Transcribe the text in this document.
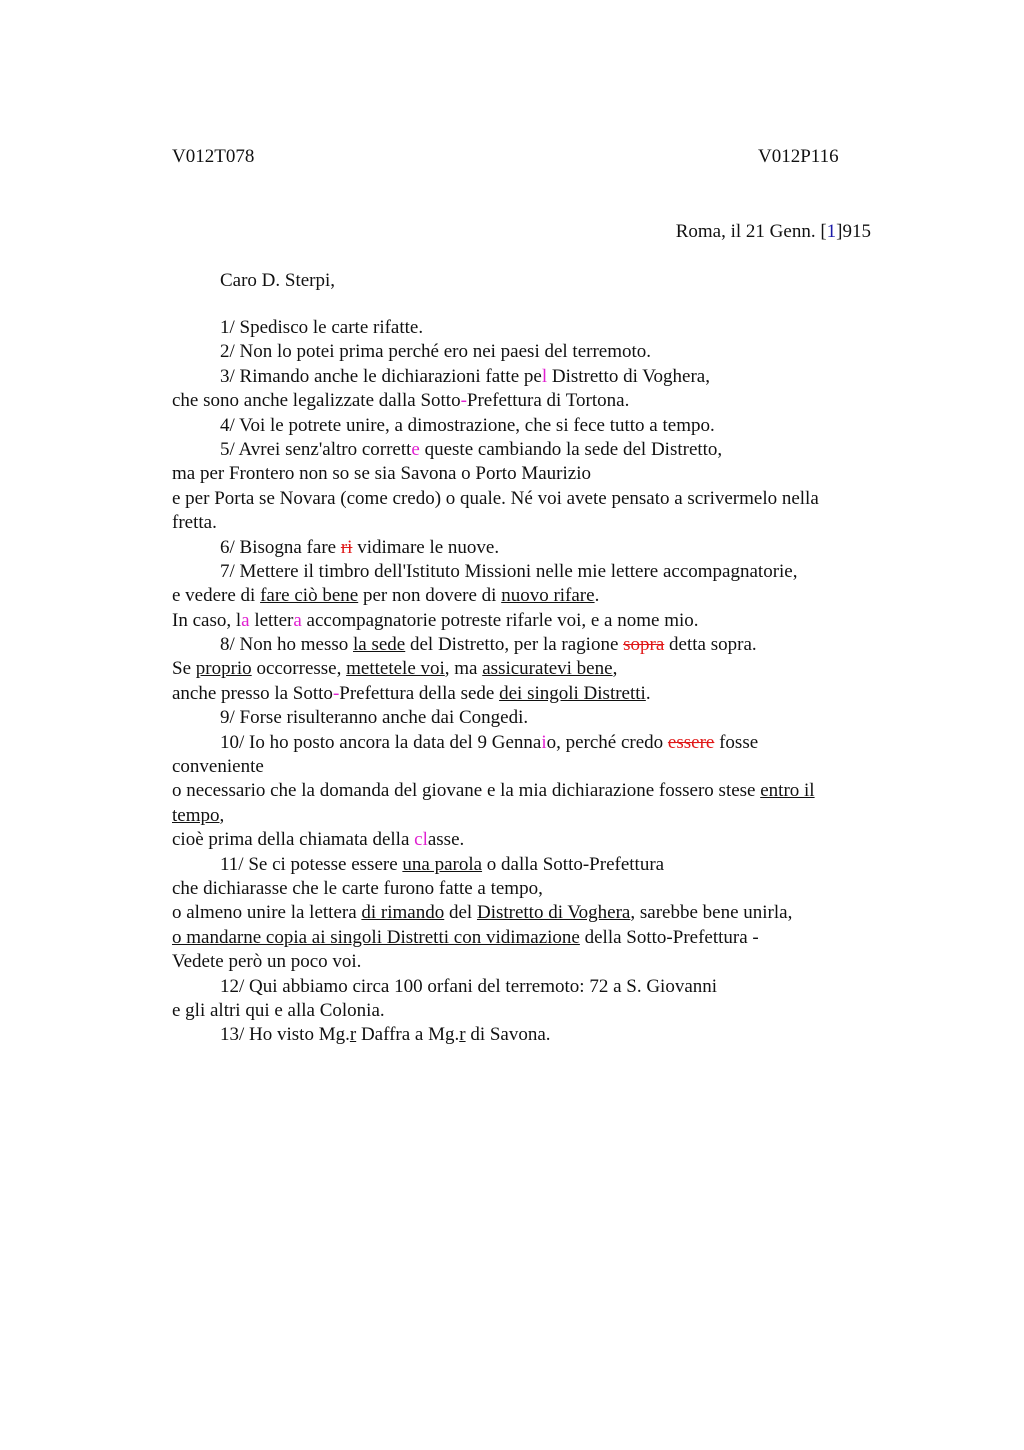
V012T078	V012P116
Roma, il 21 Genn. [1]915
Caro D. Sterpi,
1/ Spedisco le carte rifatte.
2/ Non lo potei prima perché ero nei paesi del terremoto.
3/ Rimando anche le dichiarazioni fatte pel Distretto di Voghera,
che sono anche legalizzate dalla Sotto-Prefettura di Tortona.
4/ Voi le potrete unire, a dimostrazione, che si fece tutto a tempo.
5/ Avrei senz'altro corrette queste cambiando la sede del Distretto,
ma per Frontero non so se sia Savona o Porto Maurizio
e per Porta se Novara (come credo) o quale. Né voi avete pensato a scrivermelo nella
fretta.
6/ Bisogna fare ri vidimare le nuove.
7/ Mettere il timbro dell'Istituto Missioni nelle mie lettere accompagnatorie,
e vedere di fare ciò bene per non dovere di nuovo rifare.
In caso, la lettera accompagnatorie potreste rifarle voi, e a nome mio.
8/ Non ho messo la sede del Distretto, per la ragione sopra detta sopra.
Se proprio occorresse, mettetele voi, ma assicuratevi bene,
anche presso la Sotto-Prefettura della sede dei singoli Distretti.
9/ Forse risulteranno anche dai Congedi.
10/ Io ho posto ancora la data del 9 Gennaio, perché credo essere fosse
conveniente
o necessario che la domanda del giovane e la mia dichiarazione fossero stese entro il
tempo,
cioè prima della chiamata della classe.
11/ Se ci potesse essere una parola o dalla Sotto-Prefettura
che dichiarasse che le carte furono fatte a tempo,
o almeno unire la lettera di rimando del Distretto di Voghera, sarebbe bene unirla,
o mandarne copia ai singoli Distretti con vidimazione della Sotto-Prefettura -
Vedete però un poco voi.
12/ Qui abbiamo circa 100 orfani del terremoto: 72 a S. Giovanni
e gli altri qui e alla Colonia.
13/ Ho visto Mg.r Daffra a Mg.r di Savona.
